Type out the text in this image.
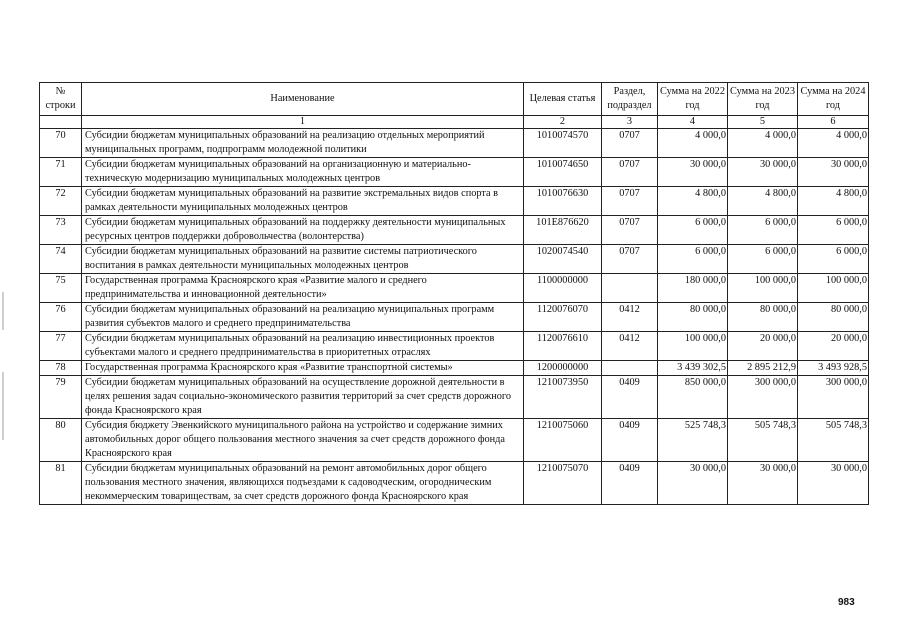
№ строки	Наименование	Целевая статья	Раздел, подраздел	Сумма на 2022 год	Сумма на 2023 год	Сумма на 2024 год
	1	2	3	4	5	6
70	Субсидии бюджетам муниципальных образований на реализацию отдельных мероприятий муниципальных программ, подпрограмм молодежной политики	1010074570	0707	4 000,0	4 000,0	4 000,0
71	Субсидии бюджетам муниципальных образований на организационную и материально-техническую модернизацию муниципальных молодежных центров	1010074650	0707	30 000,0	30 000,0	30 000,0
72	Субсидии бюджетам муниципальных образований на развитие экстремальных видов спорта в рамках деятельности муниципальных молодежных центров	1010076630	0707	4 800,0	4 800,0	4 800,0
73	Субсидии бюджетам муниципальных образований на поддержку деятельности муниципальных ресурсных центров поддержки добровольчества (волонтерства)	101E876620	0707	6 000,0	6 000,0	6 000,0
74	Субсидии бюджетам муниципальных образований на развитие системы патриотического воспитания в рамках деятельности муниципальных молодежных центров	1020074540	0707	6 000,0	6 000,0	6 000,0
75	Государственная программа Красноярского края «Развитие малого и среднего предпринимательства и инновационной деятельности»	1100000000		180 000,0	100 000,0	100 000,0
76	Субсидии бюджетам муниципальных образований на реализацию муниципальных программ развития субъектов малого и среднего предпринимательства	1120076070	0412	80 000,0	80 000,0	80 000,0
77	Субсидии бюджетам муниципальных образований на реализацию инвестиционных проектов субъектами малого и среднего предпринимательства в приоритетных отраслях	1120076610	0412	100 000,0	20 000,0	20 000,0
78	Государственная программа Красноярского края «Развитие транспортной системы»	1200000000		3 439 302,5	2 895 212,9	3 493 928,5
79	Субсидии бюджетам муниципальных образований на осуществление дорожной деятельности в целях решения задач социально-экономического развития территорий за счет средств дорожного фонда Красноярского края	1210073950	0409	850 000,0	300 000,0	300 000,0
80	Субсидия бюджету Эвенкийского муниципального района на устройство и содержание зимних автомобильных дорог общего пользования местного значения за счет средств дорожного фонда Красноярского края	1210075060	0409	525 748,3	505 748,3	505 748,3
81	Субсидии бюджетам муниципальных образований на ремонт автомобильных дорог общего пользования местного значения, являющихся подъездами к садоводческим, огородническим некоммерческим товариществам, за счет средств дорожного фонда Красноярского края	1210075070	0409	30 000,0	30 000,0	30 000,0
983
